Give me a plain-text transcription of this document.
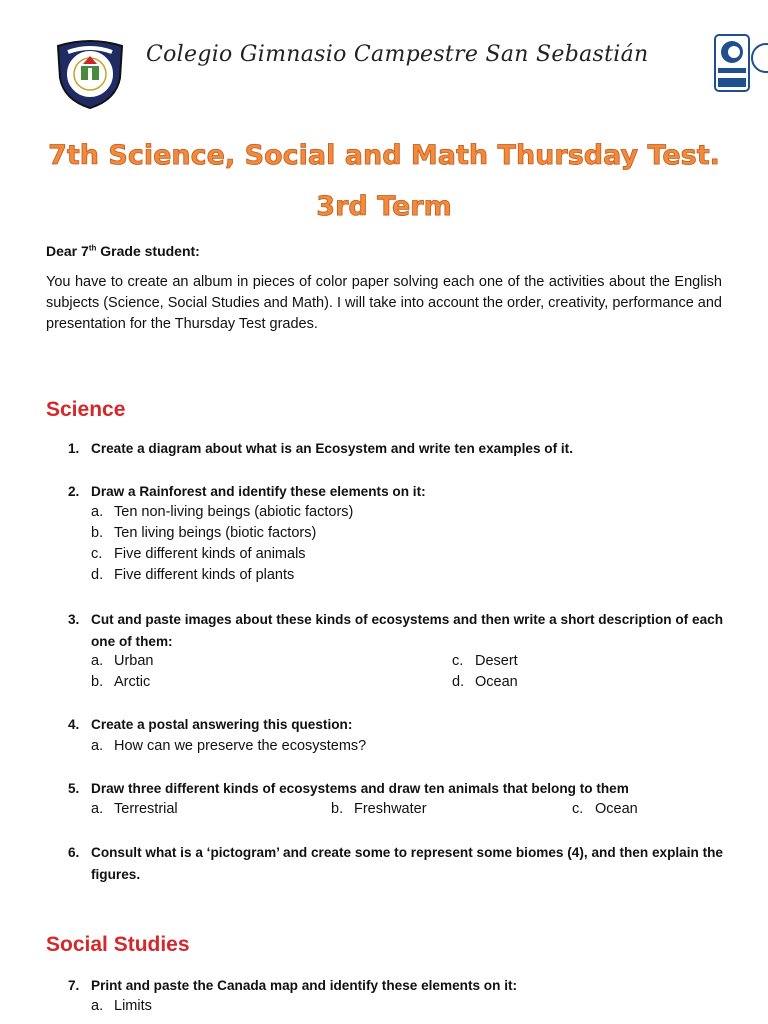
Colegio Gimnasio Campestre San Sebastián
7th Science, Social and Math Thursday Test.
3rd Term
Dear 7th Grade student:
You have to create an album in pieces of color paper solving each one of the activities about the English subjects (Science, Social Studies and Math). I will take into account the order, creativity, performance and presentation for the Thursday Test grades.
Science
1. Create a diagram about what is an Ecosystem and write ten examples of it.
2. Draw a Rainforest and identify these elements on it:
a. Ten non-living beings (abiotic factors)
b. Ten living beings (biotic factors)
c. Five different kinds of animals
d. Five different kinds of plants
3. Cut and paste images about these kinds of ecosystems and then write a short description of each one of them:
a. Urban
b. Arctic
c. Desert
d. Ocean
4. Create a postal answering this question:
a. How can we preserve the ecosystems?
5. Draw three different kinds of ecosystems and draw ten animals that belong to them
a. Terrestrial	b. Freshwater	c. Ocean
6. Consult what is a ‘pictogram’ and create some to represent some biomes (4), and then explain the figures.
Social Studies
7. Print and paste the Canada map and identify these elements on it:
a. Limits
